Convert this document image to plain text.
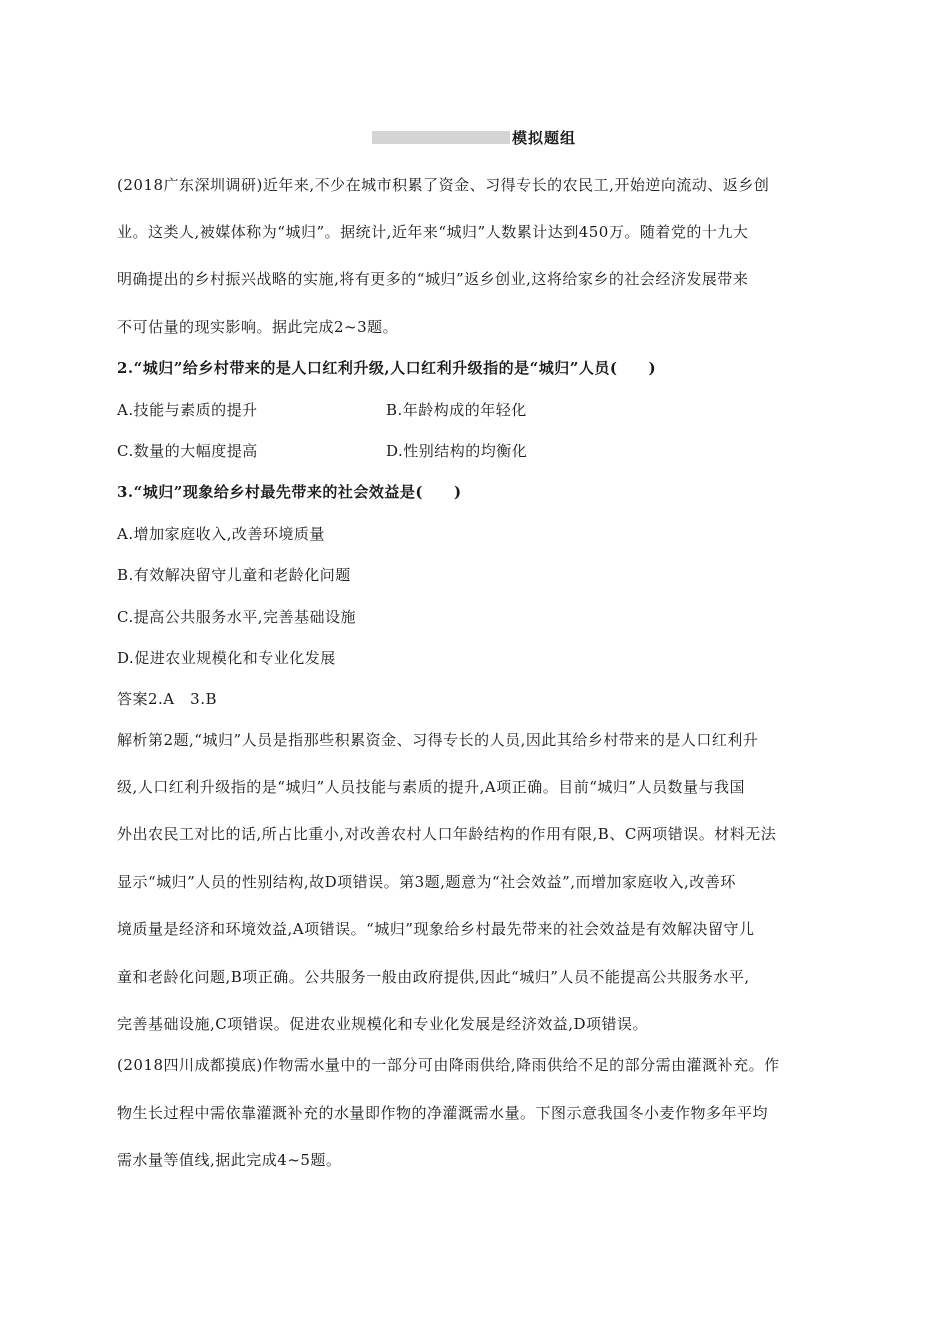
模拟题组
(2018广东深圳调研)近年来,不少在城市积累了资金、习得专长的农民工,开始逆向流动、返乡创
业。这类人,被媒体称为“城归”。据统计,近年来“城归”人数累计达到450万。随着党的十九大
明确提出的乡村振兴战略的实施,将有更多的“城归”返乡创业,这将给家乡的社会经济发展带来
不可估量的现实影响。据此完成2~3题。
2.“城归”给乡村带来的是人口红利升级,人口红利升级指的是“城归”人员(　　)
A.技能与素质的提升	B.年龄构成的年轻化
C.数量的大幅度提高	D.性别结构的均衡化
3.“城归”现象给乡村最先带来的社会效益是(　　)
A.增加家庭收入,改善环境质量
B.有效解决留守儿童和老龄化问题
C.提高公共服务水平,完善基础设施
D.促进农业规模化和专业化发展
答案2.A　3.B
解析第2题,“城归”人员是指那些积累资金、习得专长的人员,因此其给乡村带来的是人口红利升
级,人口红利升级指的是“城归”人员技能与素质的提升,A项正确。目前“城归”人员数量与我国
外出农民工对比的话,所占比重小,对改善农村人口年龄结构的作用有限,B、C两项错误。材料无法
显示“城归”人员的性别结构,故D项错误。第3题,题意为“社会效益”,而增加家庭收入,改善环
境质量是经济和环境效益,A项错误。“城归”现象给乡村最先带来的社会效益是有效解决留守儿
童和老龄化问题,B项正确。公共服务一般由政府提供,因此“城归”人员不能提高公共服务水平,
完善基础设施,C项错误。促进农业规模化和专业化发展是经济效益,D项错误。
(2018四川成都摸底)作物需水量中的一部分可由降雨供给,降雨供给不足的部分需由灌溉补充。作
物生长过程中需依靠灌溉补充的水量即作物的净灌溉需水量。下图示意我国冬小麦作物多年平均
需水量等值线,据此完成4~5题。
